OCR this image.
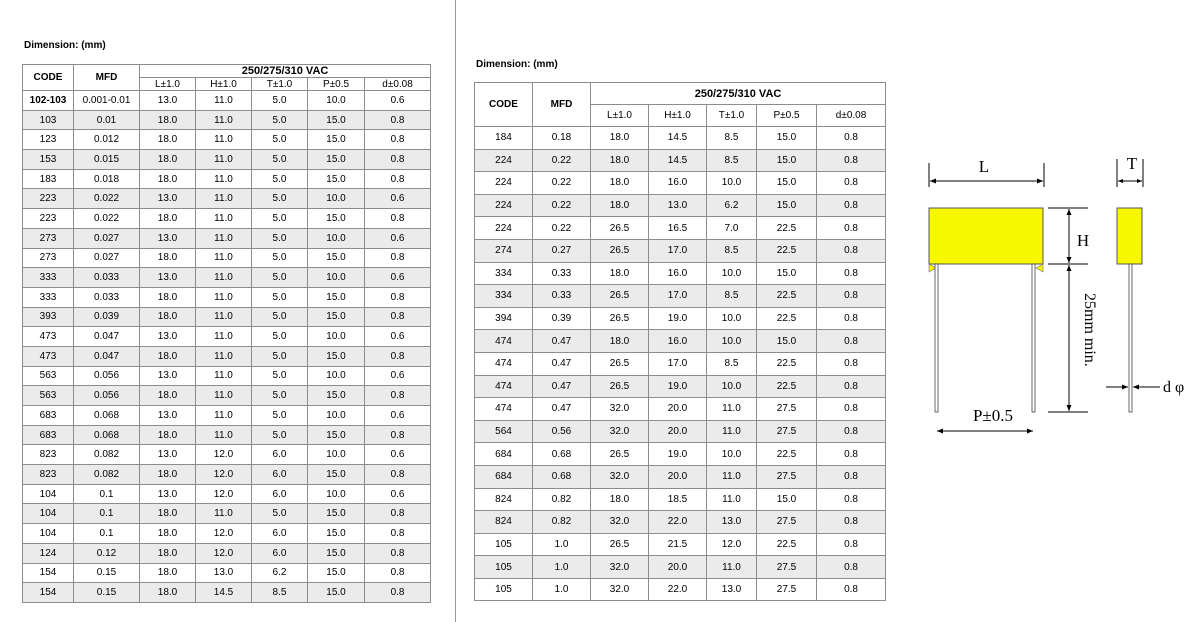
Dimension: (mm)
CODE	MFD	250/275/310 VAC				
		L±1.0	H±1.0	T±1.0	P±0.5	d±0.08
102-103	0.001-0.01	13.0	11.0	5.0	10.0	0.6
103	0.01	18.0	11.0	5.0	15.0	0.8
123	0.012	18.0	11.0	5.0	15.0	0.8
153	0.015	18.0	11.0	5.0	15.0	0.8
183	0.018	18.0	11.0	5.0	15.0	0.8
223	0.022	13.0	11.0	5.0	10.0	0.6
223	0.022	18.0	11.0	5.0	15.0	0.8
273	0.027	13.0	11.0	5.0	10.0	0.6
273	0.027	18.0	11.0	5.0	15.0	0.8
333	0.033	13.0	11.0	5.0	10.0	0.6
333	0.033	18.0	11.0	5.0	15.0	0.8
393	0.039	18.0	11.0	5.0	15.0	0.8
473	0.047	13.0	11.0	5.0	10.0	0.6
473	0.047	18.0	11.0	5.0	15.0	0.8
563	0.056	13.0	11.0	5.0	10.0	0.6
563	0.056	18.0	11.0	5.0	15.0	0.8
683	0.068	13.0	11.0	5.0	10.0	0.6
683	0.068	18.0	11.0	5.0	15.0	0.8
823	0.082	13.0	12.0	6.0	10.0	0.6
823	0.082	18.0	12.0	6.0	15.0	0.8
104	0.1	13.0	12.0	6.0	10.0	0.6
104	0.1	18.0	11.0	5.0	15.0	0.8
104	0.1	18.0	12.0	6.0	15.0	0.8
124	0.12	18.0	12.0	6.0	15.0	0.8
154	0.15	18.0	13.0	6.2	15.0	0.8
154	0.15	18.0	14.5	8.5	15.0	0.8
Dimension: (mm)
CODE	MFD	250/275/310 VAC				
		L±1.0	H±1.0	T±1.0	P±0.5	d±0.08
184	0.18	18.0	14.5	8.5	15.0	0.8
224	0.22	18.0	14.5	8.5	15.0	0.8
224	0.22	18.0	16.0	10.0	15.0	0.8
224	0.22	18.0	13.0	6.2	15.0	0.8
224	0.22	26.5	16.5	7.0	22.5	0.8
274	0.27	26.5	17.0	8.5	22.5	0.8
334	0.33	18.0	16.0	10.0	15.0	0.8
334	0.33	26.5	17.0	8.5	22.5	0.8
394	0.39	26.5	19.0	10.0	22.5	0.8
474	0.47	18.0	16.0	10.0	15.0	0.8
474	0.47	26.5	17.0	8.5	22.5	0.8
474	0.47	26.5	19.0	10.0	22.5	0.8
474	0.47	32.0	20.0	11.0	27.5	0.8
564	0.56	32.0	20.0	11.0	27.5	0.8
684	0.68	26.5	19.0	10.0	22.5	0.8
684	0.68	32.0	20.0	11.0	27.5	0.8
824	0.82	18.0	18.5	11.0	15.0	0.8
824	0.82	32.0	22.0	13.0	27.5	0.8
105	1.0	26.5	21.5	12.0	22.5	0.8
105	1.0	32.0	20.0	11.0	27.5	0.8
105	1.0	32.0	22.0	13.0	27.5	0.8
L	T
H
25mm min.
P±0.5
d φ
